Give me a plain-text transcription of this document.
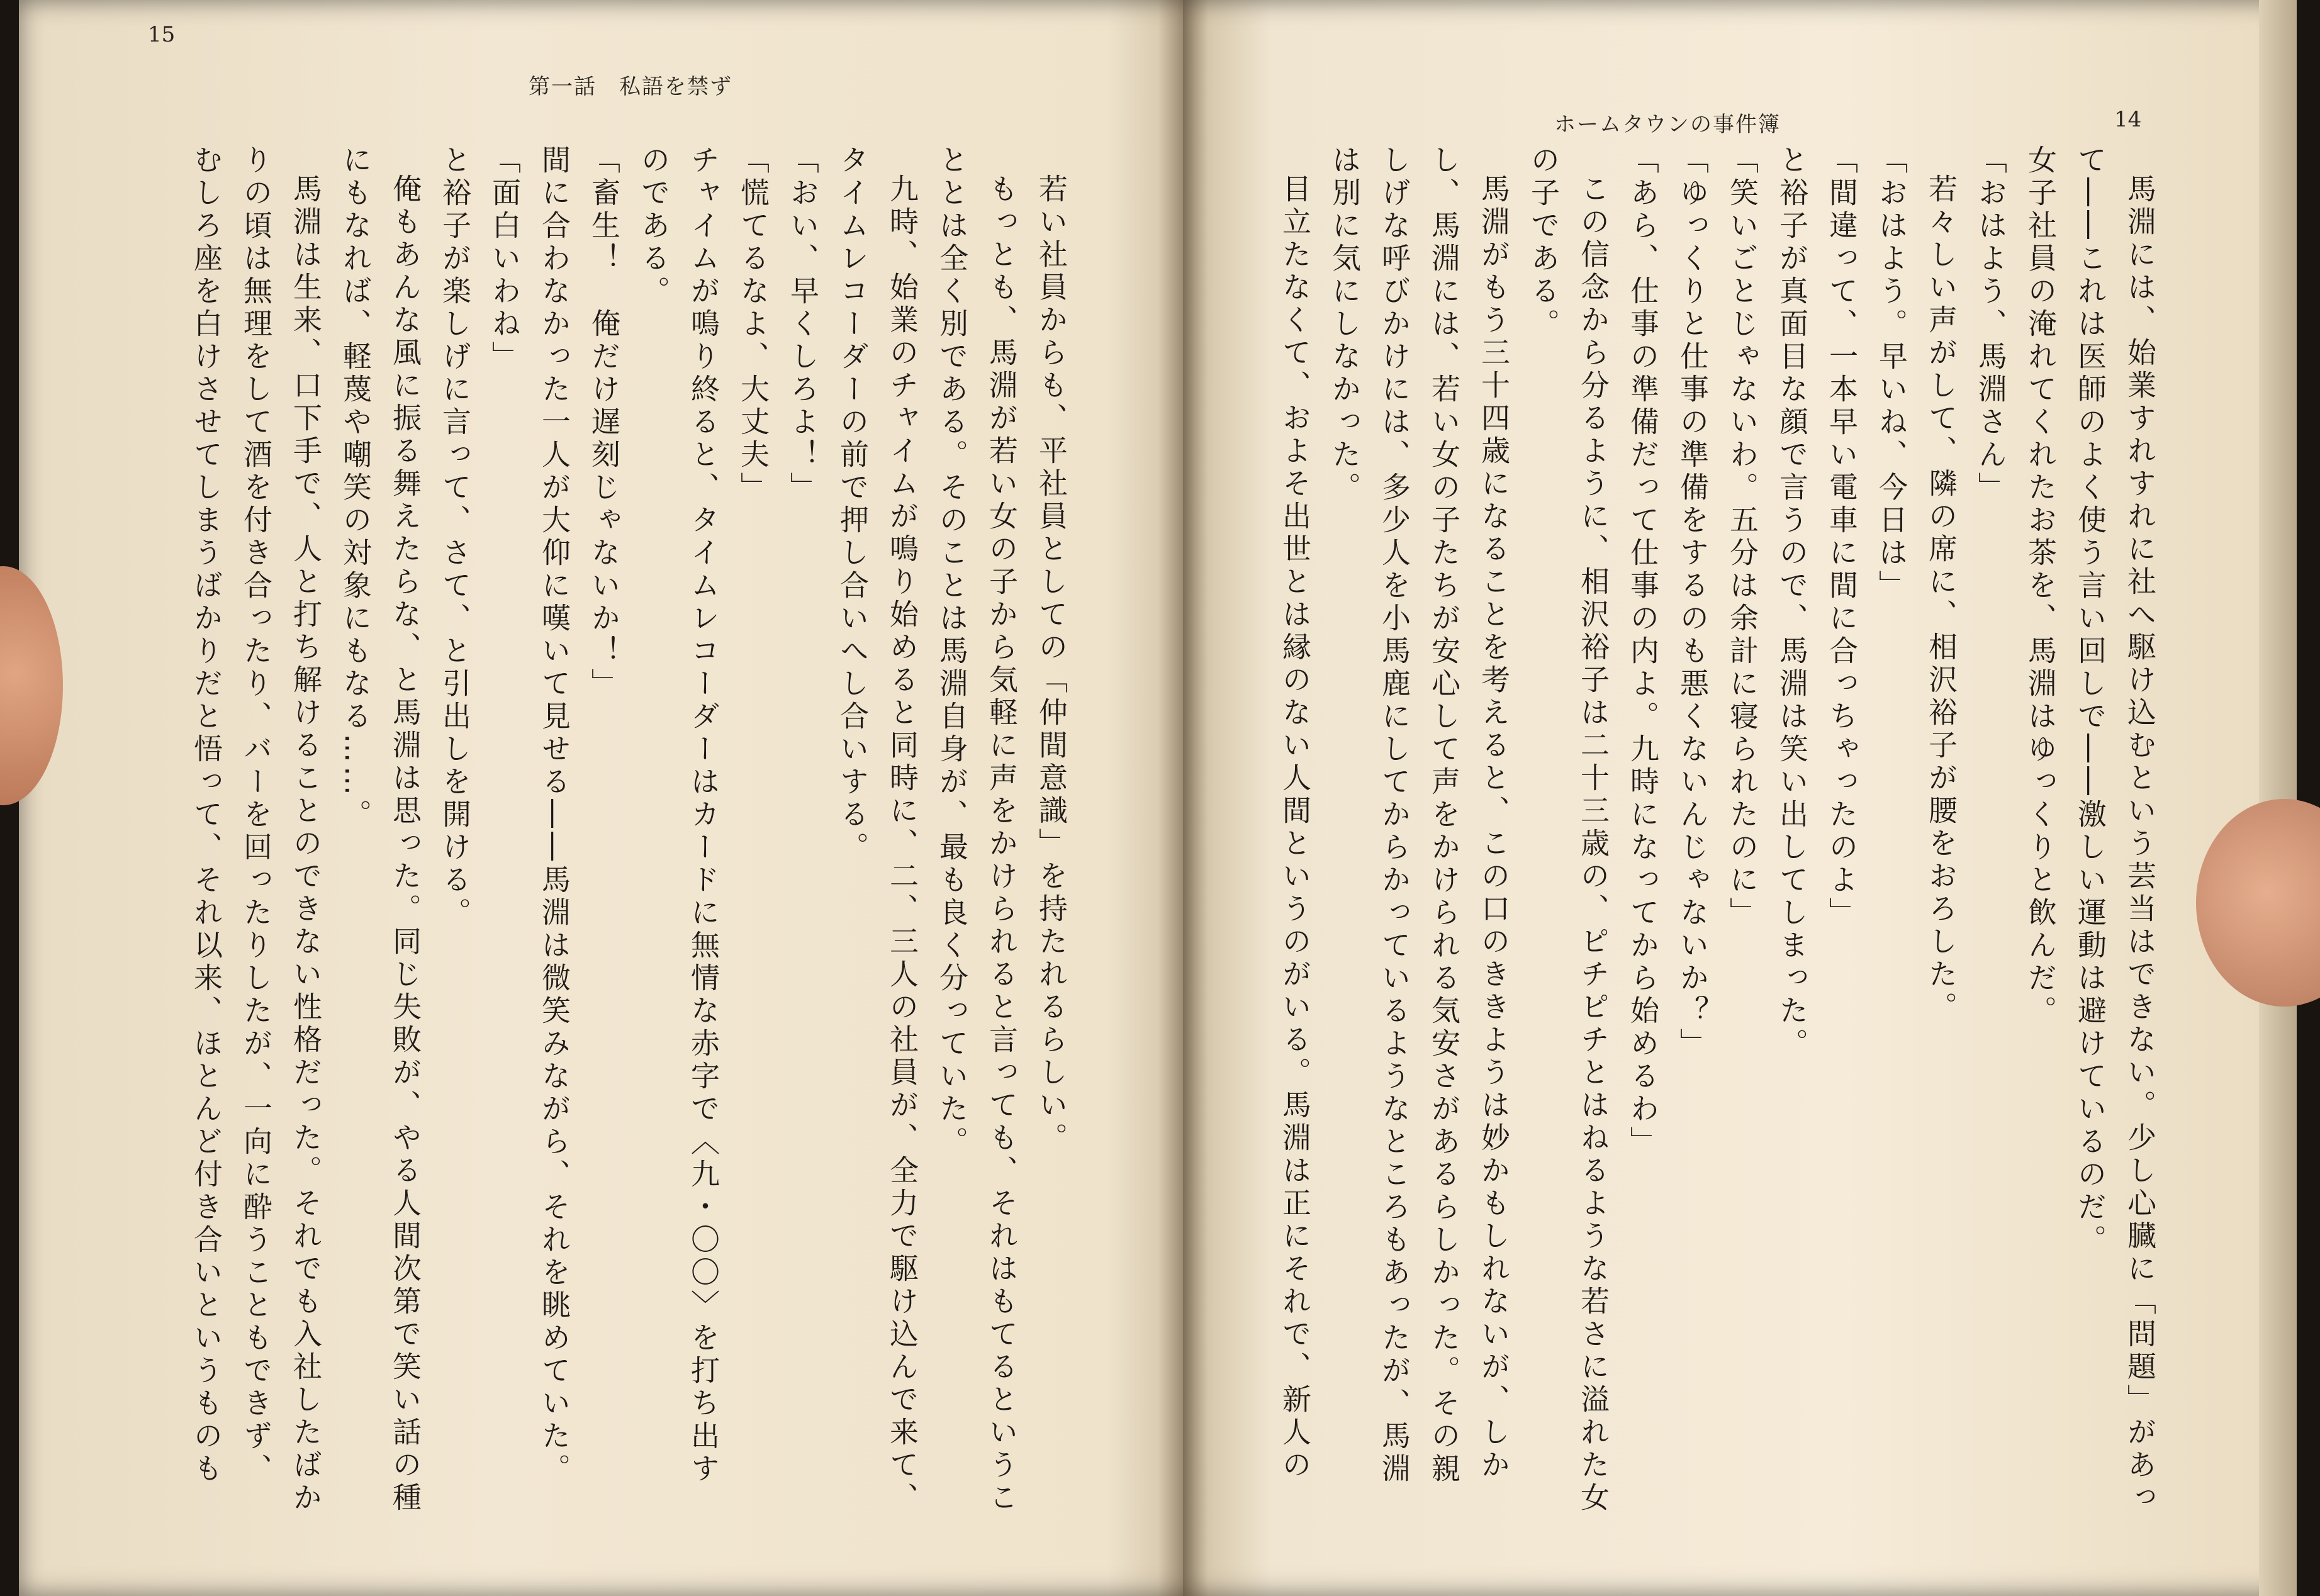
15
第一話　私語を禁ず
14
ホームタウンの事件簿

若い社員からも、平社員としての「仲間意識」を持たれるらしい。

もっとも、馬淵が若い女の子から気軽に声をかけられると言っても、それはもてるということとは全く別である。そのことは馬淵自身が、最も良く分っていた。

九時、始業のチャイムが鳴り始めると同時に、二、三人の社員が、全力で駆け込んで来て、タイムレコーダーの前で押し合いへし合いする。

「おい、早くしろよ！」

「慌てるなよ、大丈夫」

チャイムが鳴り終ると、タイムレコーダーはカードに無情な赤字で〈九・〇〇〉を打ち出すのである。

「畜生！　俺だけ遅刻じゃないか！」

間に合わなかった一人が大仰に嘆いて見せる――馬淵は微笑みながら、それを眺めていた。

「面白いわね」

と裕子が楽しげに言って、さて、と引出しを開ける。

俺もあんな風に振る舞えたらな、と馬淵は思った。同じ失敗が、やる人間次第で笑い話の種にもなれば、軽蔑や嘲笑の対象にもなる……。

馬淵は生来、口下手で、人と打ち解けることのできない性格だった。それでも入社したばかりの頃は無理をして酒を付き合ったり、バーを回ったりしたが、一向に酔うこともできず、むしろ座を白けさせてしまうばかりだと悟って、それ以来、ほとんど付き合いというものも	馬淵には、始業すれすれに社へ駆け込むという芸当はできない。少し心臓に「問題」があって――これは医師のよく使う言い回しで――激しい運動は避けているのだ。

女子社員の淹れてくれたお茶を、馬淵はゆっくりと飲んだ。

「おはよう、馬淵さん」

若々しい声がして、隣の席に、相沢裕子が腰をおろした。

「おはよう。早いね、今日は」

「間違って、一本早い電車に間に合っちゃったのよ」

と裕子が真面目な顔で言うので、馬淵は笑い出してしまった。

「笑いごとじゃないわ。五分は余計に寝られたのに」

「ゆっくりと仕事の準備をするのも悪くないんじゃないか？」

「あら、仕事の準備だって仕事の内よ。九時になってから始めるわ」

この信念から分るように、相沢裕子は二十三歳の、ピチピチとはねるような若さに溢れた女の子である。

馬淵がもう三十四歳になることを考えると、この口のききようは妙かもしれないが、しかし、馬淵には、若い女の子たちが安心して声をかけられる気安さがあるらしかった。その親しげな呼びかけには、多少人を小馬鹿にしてからかっているようなところもあったが、馬淵は別に気にしなかった。

目立たなくて、およそ出世とは縁のない人間というのがいる。馬淵は正にそれで、新人の
